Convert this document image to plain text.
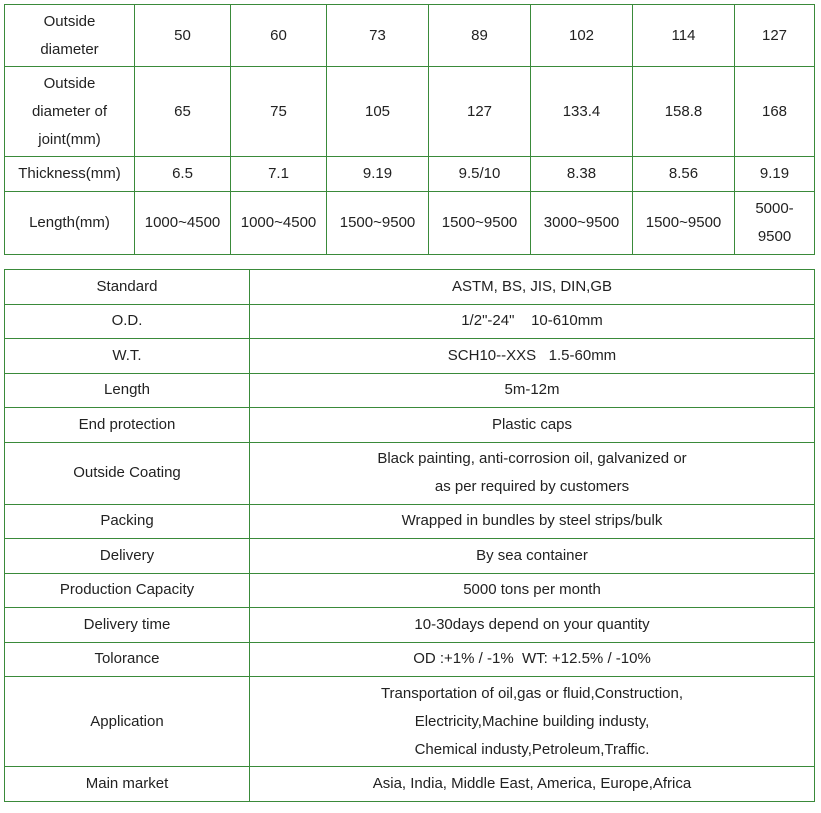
Outside
diameter	50	60	73	89	102	114	127

Outside
diameter of
joint(mm)	65	75	105	127	133.4	158.8	168

Thickness(mm)	6.5	7.1	9.19	9.5/10	8.38	8.56	9.19

Length(mm)	1000~4500	1000~4500	1500~9500	1500~9500	3000~9500	1500~9500	5000-
9500
Standard	ASTM, BS, JIS, DIN,GB

O.D.	1/2"-24"    10-610mm

W.T.	SCH10--XXS   1.5-60mm

Length	5m-12m

End protection	Plastic caps

Outside Coating	Black painting, anti-corrosion oil, galvanized or
as per required by customers

Packing	Wrapped in bundles by steel strips/bulk

Delivery	By sea container

Production Capacity	5000 tons per month

Delivery time	10-30days depend on your quantity

Tolorance	OD :+1% / -1%  WT: +12.5% / -10%

Application	Transportation of oil,gas or fluid,Construction,
Electricity,Machine building industy,
Chemical industy,Petroleum,Traffic.

Main market	Asia, India, Middle East, America, Europe,Africa
